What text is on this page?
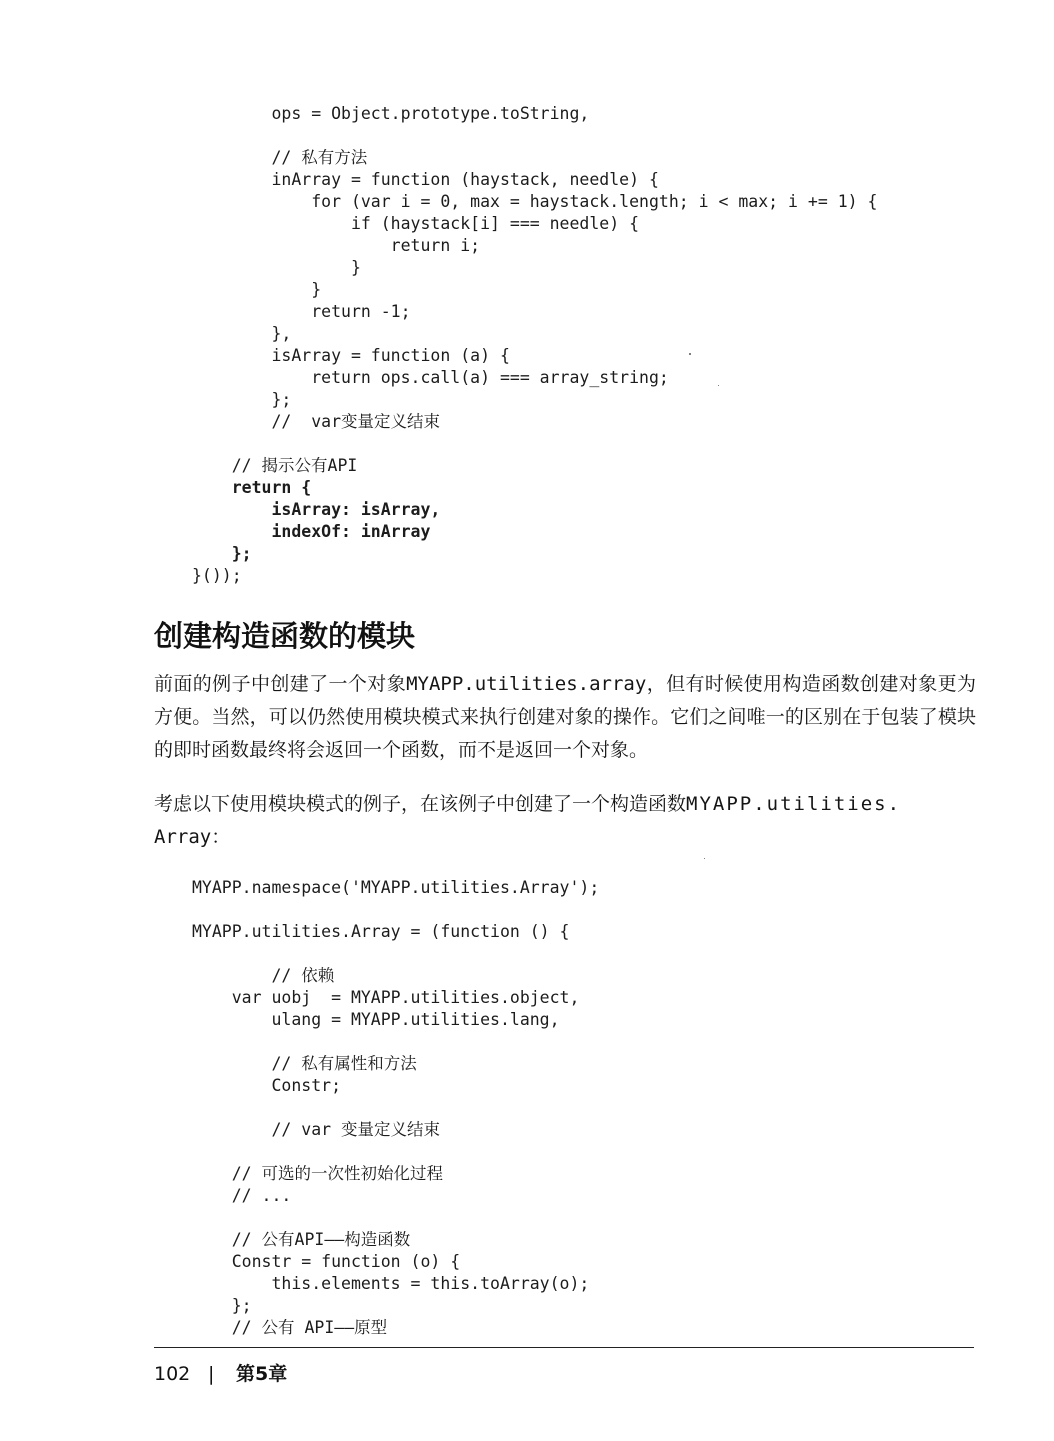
ops = Object.prototype.toString,
// 私有方法
inArray = function (haystack, needle) {
for (var i = 0, max = haystack.length; i < max; i += 1) {
if (haystack[i] === needle) {
return i;
}
}
return -1;
},
isArray = function (a) {
return ops.call(a) === array_string;
};
//  var变量定义结束
// 揭示公有API
return {
isArray: isArray,
indexOf: inArray
};
}());
创建构造函数的模块

前面的例子中创建了一个对象MYAPP.utilities.array，但有时候使用构造函数创建对象更为方便。当然，可以仍然使用模块模式来执行创建对象的操作。它们之间唯一的区别在于包装了模块的即时函数最终将会返回一个函数，而不是返回一个对象。

考虑以下使用模块模式的例子，在该例子中创建了一个构造函数MYAPP.utilities.
Array：

MYAPP.namespace('MYAPP.utilities.Array');
MYAPP.utilities.Array = (function () {
// 依赖
var uobj  = MYAPP.utilities.object,
ulang = MYAPP.utilities.lang,
// 私有属性和方法
Constr;
// var 变量定义结束
// 可选的一次性初始化过程
// ...
// 公有API——构造函数
Constr = function (o) {
this.elements = this.toArray(o);
};
// 公有 API——原型
102 | 第5章
